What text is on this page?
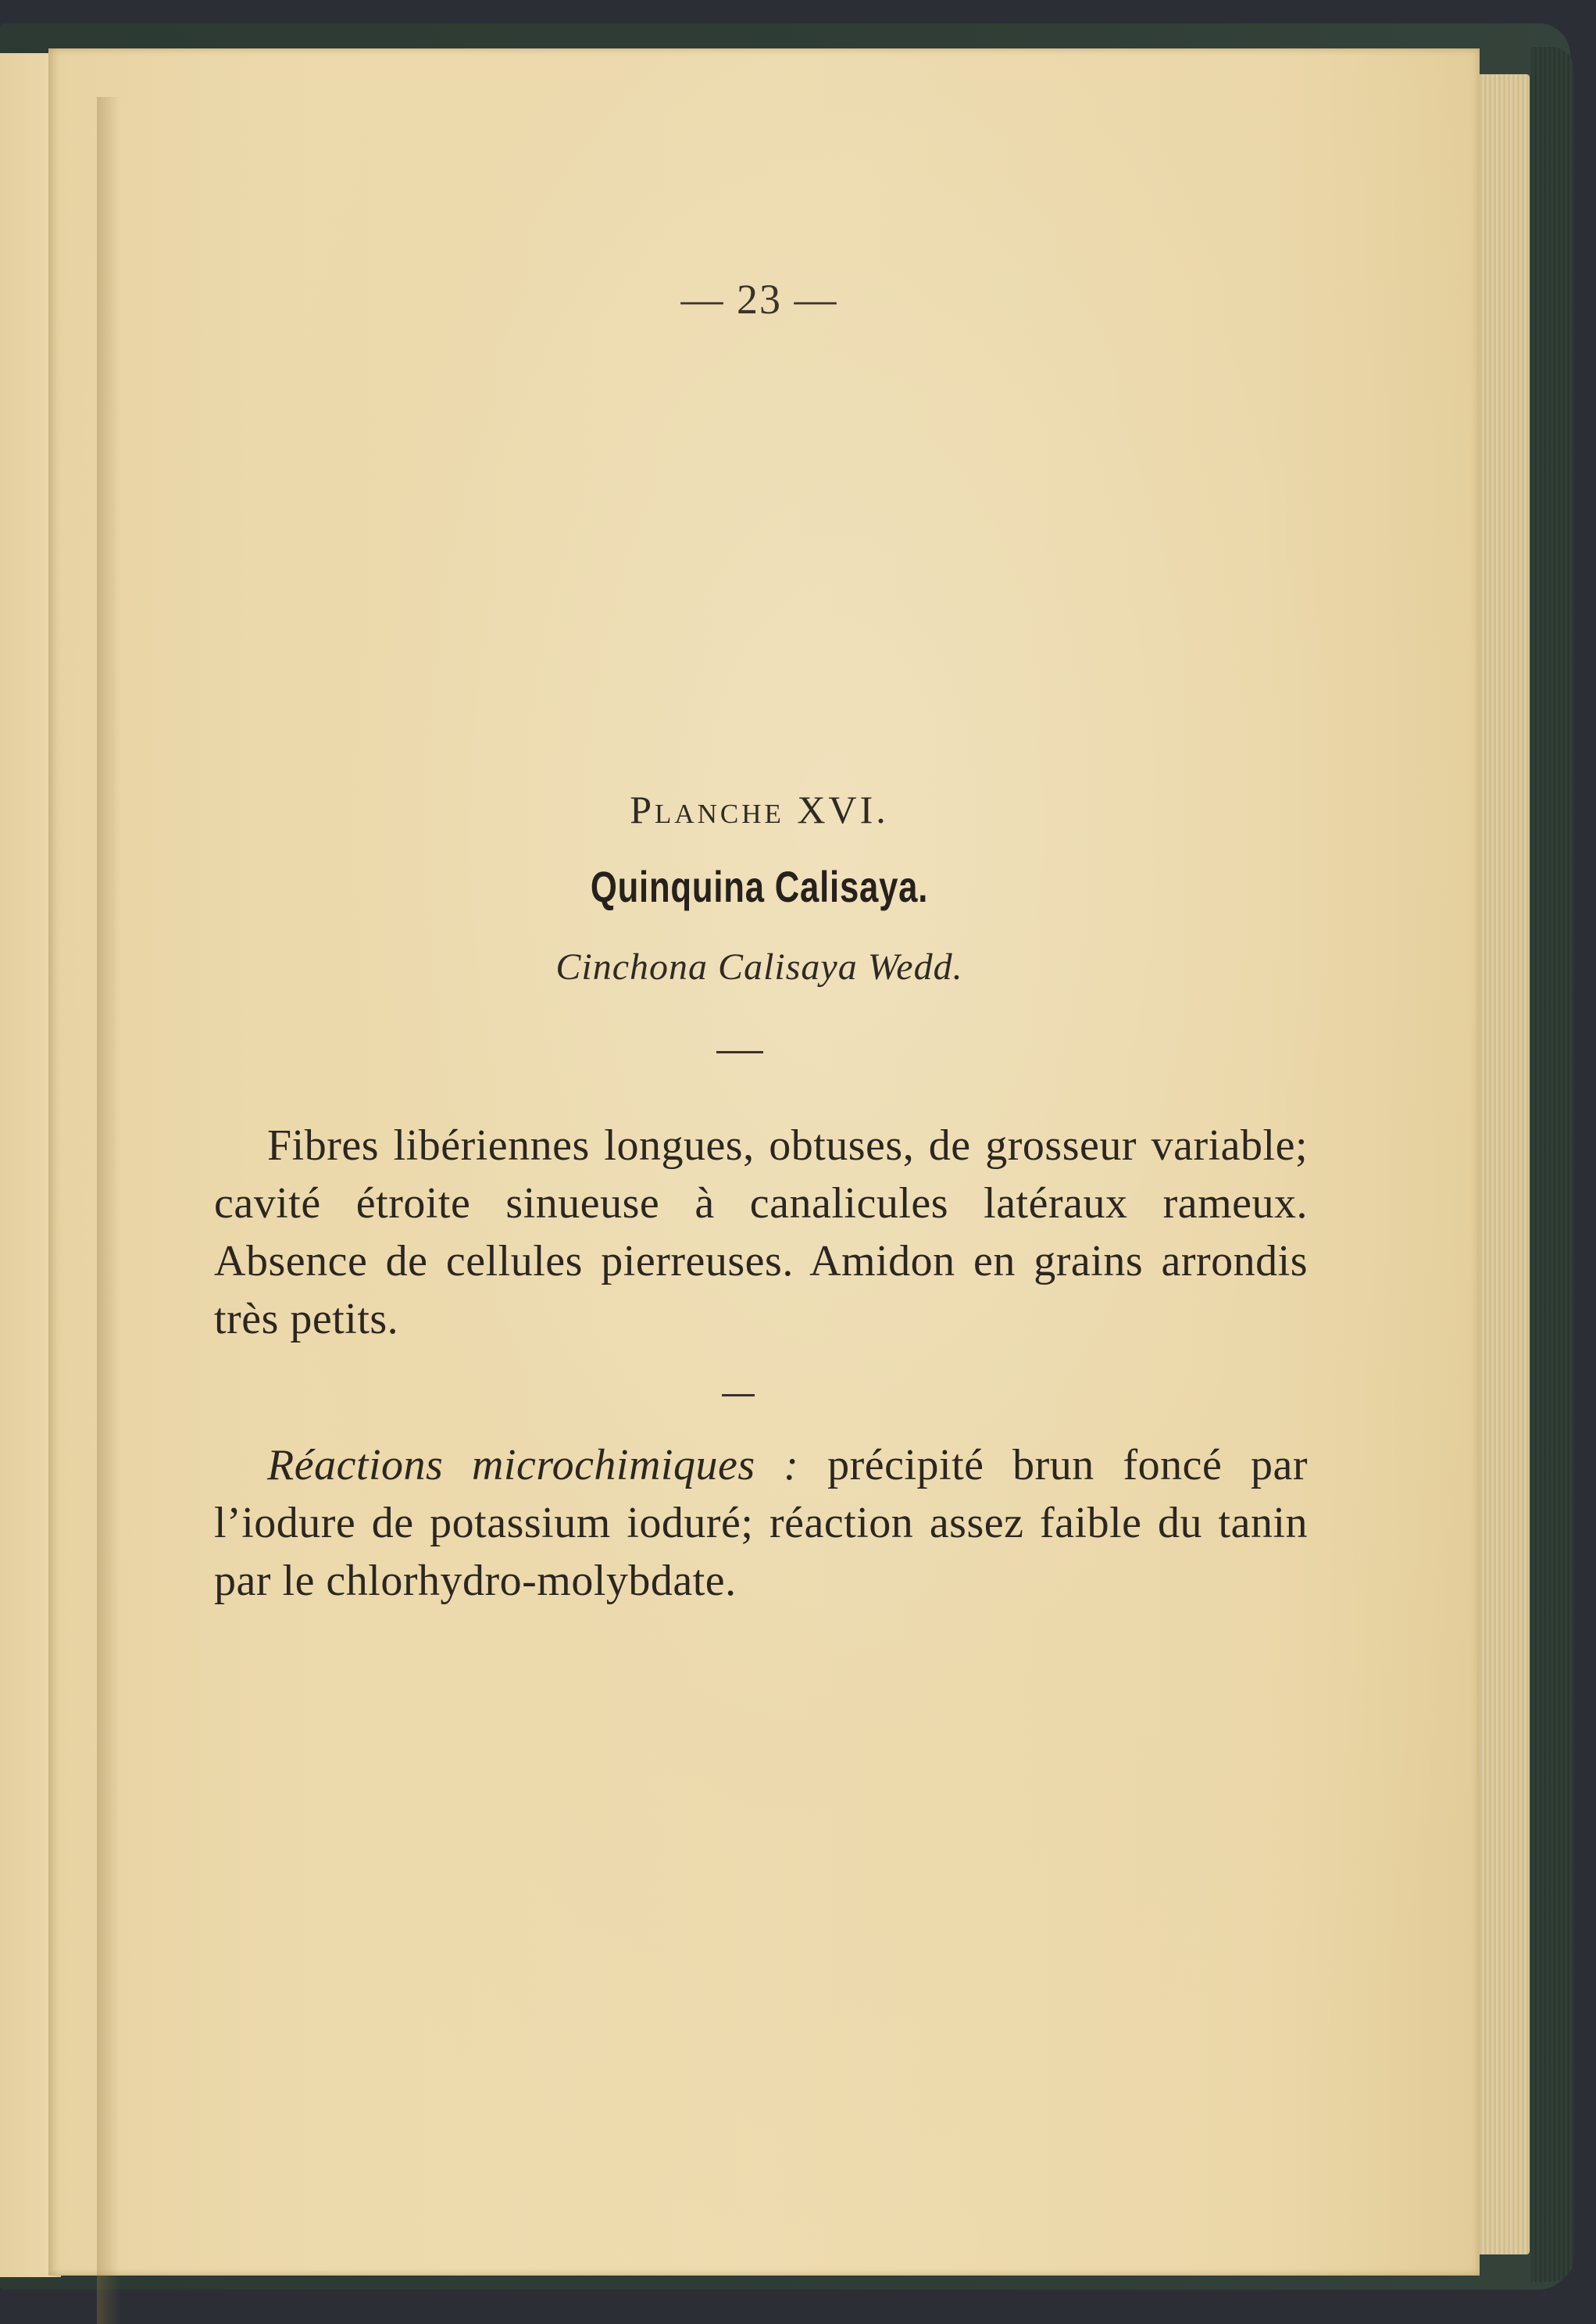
— 23 —
Planche XVI.
Quinquina Calisaya.
Cinchona Calisaya Wedd.
Fibres libériennes longues, obtuses, de grosseur variable; cavité étroite sinueuse à canalicules latéraux rameux. Absence de cellules pierreuses. Amidon en grains arrondis très petits.
Réactions microchimiques : précipité brun foncé par l’iodure de potassium ioduré; réaction assez faible du tanin par le chlorhydro-molybdate.
